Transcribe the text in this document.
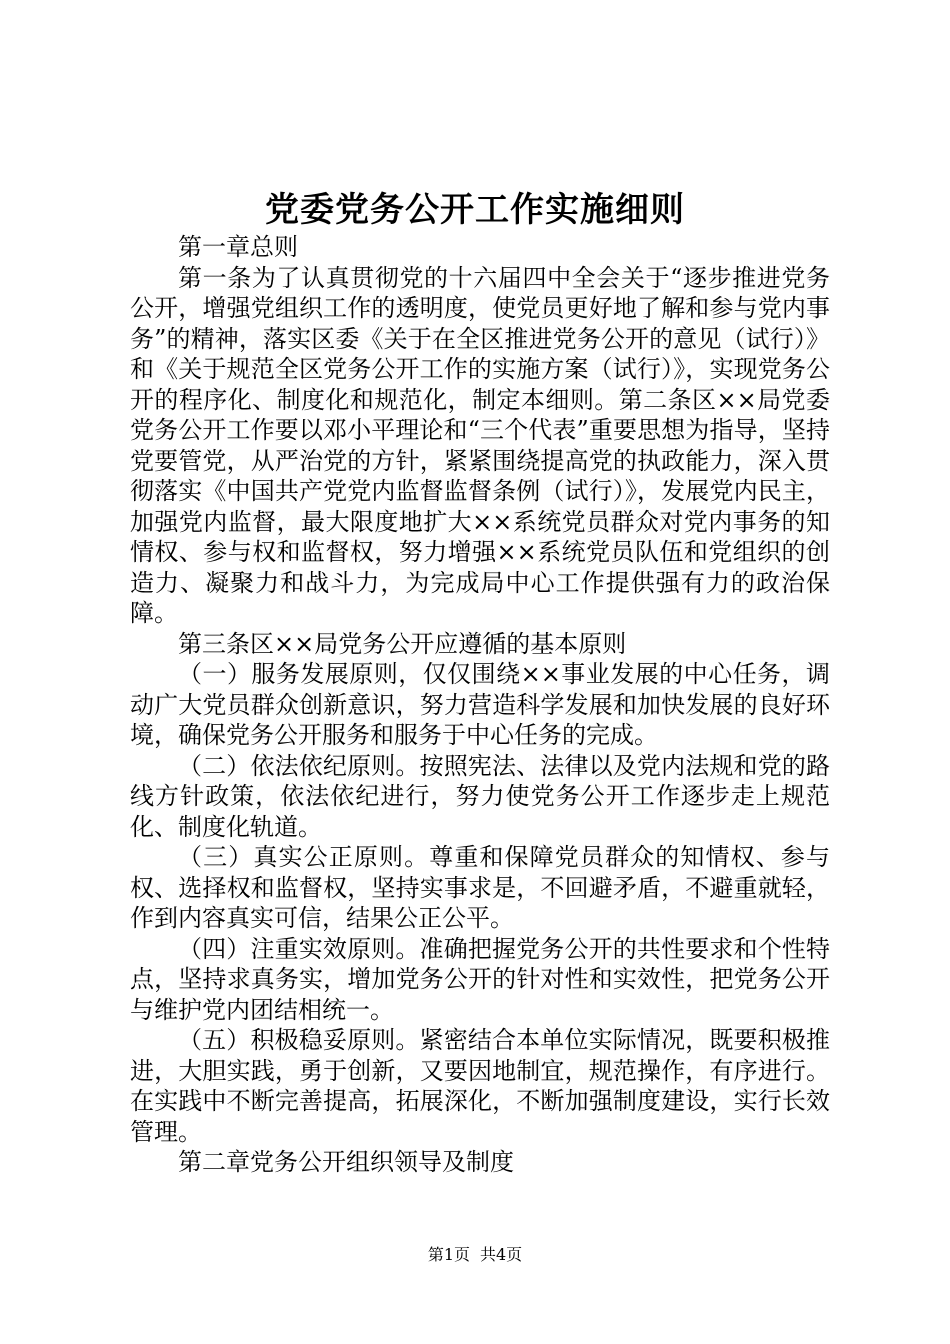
党委党务公开工作实施细则

第一章总则

第一条为了认真贯彻党的十六届四中全会关于“逐步推进党务公开，增强党组织工作的透明度，使党员更好地了解和参与党内事务”的精神，落实区委《关于在全区推进党务公开的意见（试行）》和《关于规范全区党务公开工作的实施方案（试行）》，实现党务公开的程序化、制度化和规范化，制定本细则。第二条区××局党委党务公开工作要以邓小平理论和“三个代表”重要思想为指导，坚持党要管党，从严治党的方针，紧紧围绕提高党的执政能力，深入贯彻落实《中国共产党党内监督监督条例（试行）》，发展党内民主，加强党内监督，最大限度地扩大××系统党员群众对党内事务的知情权、参与权和监督权，努力增强××系统党员队伍和党组织的创造力、凝聚力和战斗力，为完成局中心工作提供强有力的政治保障。

第三条区××局党务公开应遵循的基本原则

（一）服务发展原则，仅仅围绕××事业发展的中心任务，调动广大党员群众创新意识，努力营造科学发展和加快发展的良好环境，确保党务公开服务和服务于中心任务的完成。

（二）依法依纪原则。按照宪法、法律以及党内法规和党的路线方针政策，依法依纪进行，努力使党务公开工作逐步走上规范化、制度化轨道。

（三）真实公正原则。尊重和保障党员群众的知情权、参与权、选择权和监督权，坚持实事求是，不回避矛盾，不避重就轻，作到内容真实可信，结果公正公平。

（四）注重实效原则。准确把握党务公开的共性要求和个性特点，坚持求真务实，增加党务公开的针对性和实效性，把党务公开与维护党内团结相统一。

（五）积极稳妥原则。紧密结合本单位实际情况，既要积极推进，大胆实践，勇于创新，又要因地制宜，规范操作，有序进行。在实践中不断完善提高，拓展深化，不断加强制度建设，实行长效管理。

第二章党务公开组织领导及制度

第1页 共4页
